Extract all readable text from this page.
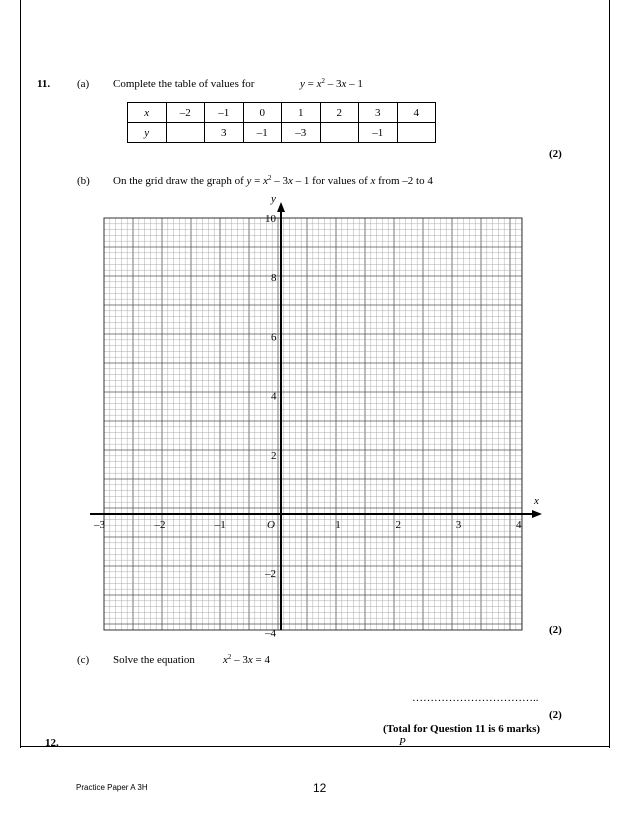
11. (a) Complete the table of values for	$y = x^2 - 3x - 1$
x	–2	–1	0	1	2	3	4
y		3	–1	–3		–1	
(2)
(b) On the grid draw the graph of $y = x^2 - 3x - 1$ for values of x from –2 to 4
y
x
O
–3	–2	–1	1	2	3	4
10
8
6
4
2
–2
–4	(2)
(c) Solve the equation	$x^2 - 3x = 4$
……………………………..
(2)
(Total for Question 11 is 6 marks)
12.	P
Practice Paper A 3H	12
